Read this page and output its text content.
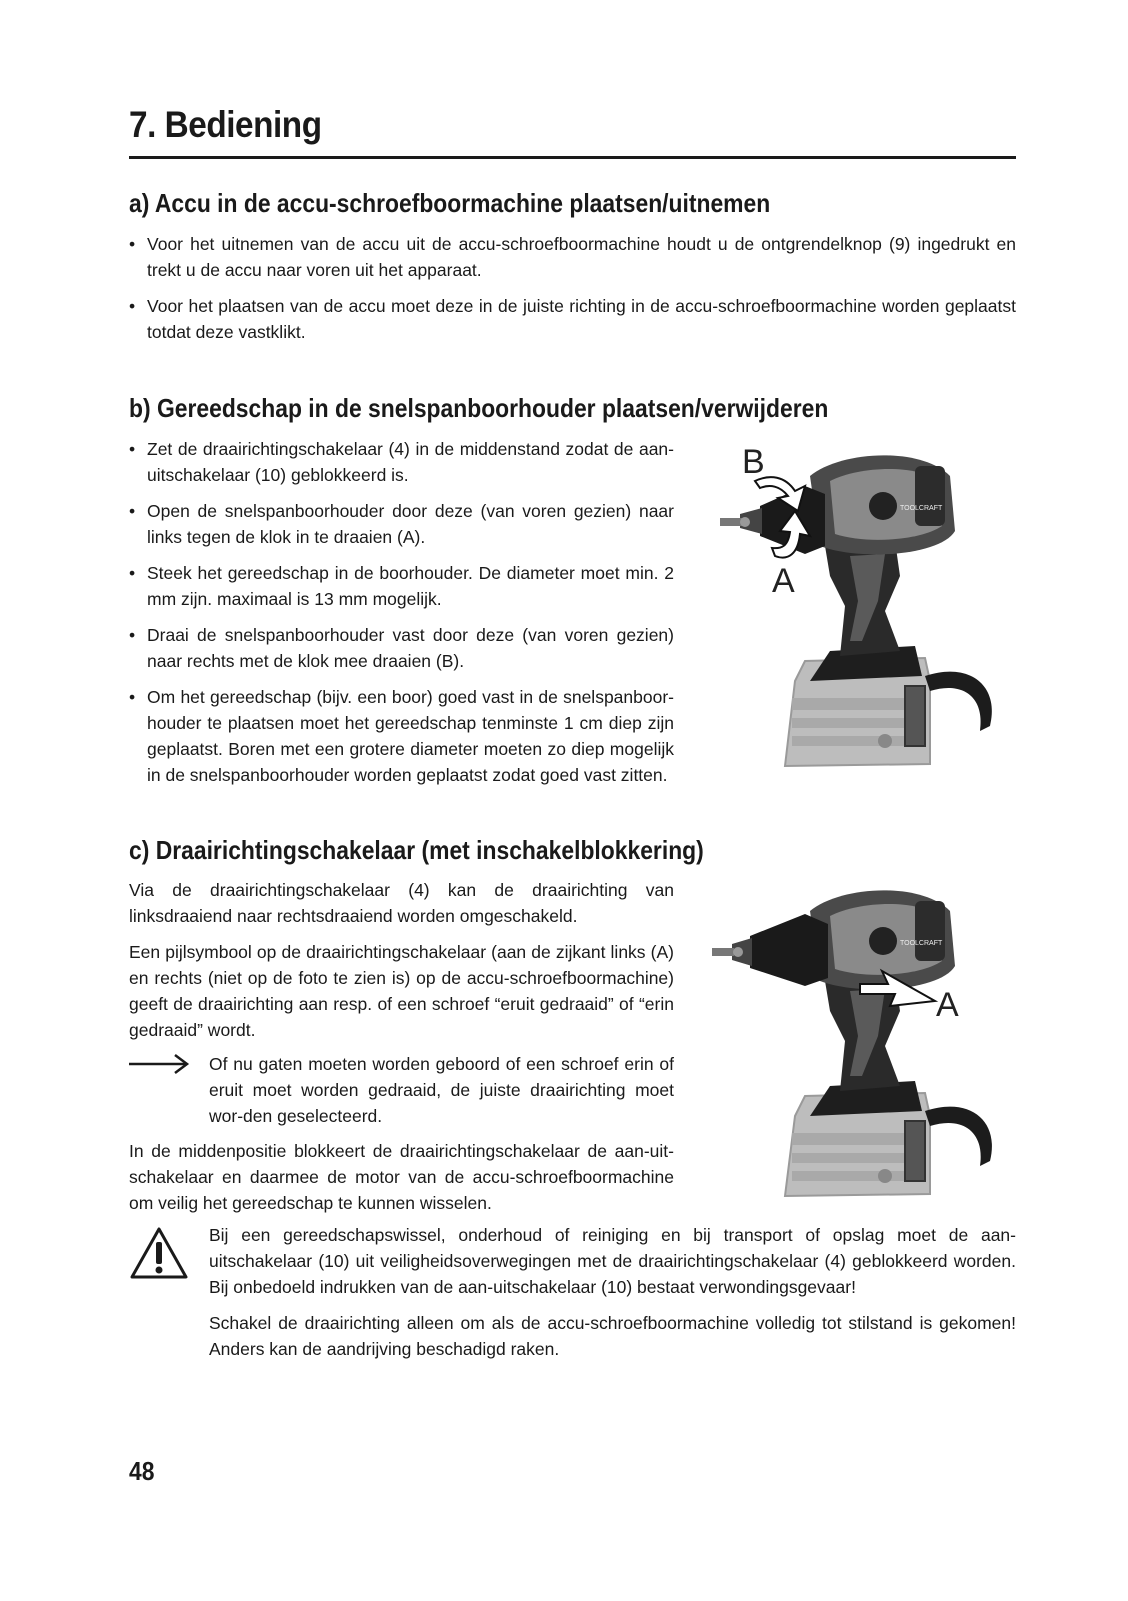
7. Bediening
a) Accu in de accu-schroefboormachine plaatsen/uitnemen
• Voor het uitnemen van de accu uit de accu-schroefboormachine houdt u de ontgrendelknop (9) ingedrukt en trekt u de accu naar voren uit het apparaat.
• Voor het plaatsen van de accu moet deze in de juiste richting in de accu-schroefboormachine worden geplaatst totdat deze vastklikt.
b) Gereedschap in de snelspanboorhouder plaatsen/verwijderen
• Zet de draairichtingschakelaar (4) in de middenstand zodat de aan-uitschakelaar (10) geblokkeerd is.
• Open de snelspanboorhouder door deze (van voren gezien) naar links tegen de klok in te draaien (A).
• Steek het gereedschap in de boorhouder. De diameter moet min. 2 mm zijn. maximaal is 13 mm mogelijk.
• Draai de snelspanboorhouder vast door deze (van voren gezien) naar rechts met de klok mee draaien (B).
• Om het gereedschap (bijv. een boor) goed vast in de snelspanboor-houder te plaatsen moet het gereedschap tenminste 1 cm diep zijn geplaatst. Boren met een grotere diameter moeten zo diep mogelijk in de snelspanboorhouder worden geplaatst zodat goed vast zitten.
TOOLCRAFT
B
A
c) Draairichtingschakelaar (met inschakelblokkering)

Via de draairichtingschakelaar (4) kan de draairichting van linksdraaiend naar rechtsdraaiend worden omgeschakeld.

Een pijlsymbool op de draairichtingschakelaar (aan de zijkant links (A) en rechts (niet op de foto te zien is) op de accu-schroefboormachine) geeft de draairichting aan resp. of een schroef “eruit gedraaid” of “erin gedraaid” wordt.

Of nu gaten moeten worden geboord of een schroef erin of eruit moet worden gedraaid, de juiste draairichting moet wor-den geselecteerd.

In de middenpositie blokkeert de draairichtingschakelaar de aan-uit-schakelaar en daarmee de motor van de accu-schroefboormachine om veilig het gereedschap te kunnen wisselen.

TOOLCRAFT
A

Bij een gereedschapswissel, onderhoud of reiniging en bij transport of opslag moet de aan-uitschakelaar (10) uit veiligheidsoverwegingen met de draairichtingschakelaar (4) geblokkeerd worden. Bij onbedoeld indrukken van de aan-uitschakelaar (10) bestaat verwondingsgevaar!

Schakel de draairichting alleen om als de accu-schroefboormachine volledig tot stilstand is gekomen! Anders kan de aandrijving beschadigd raken.

48
